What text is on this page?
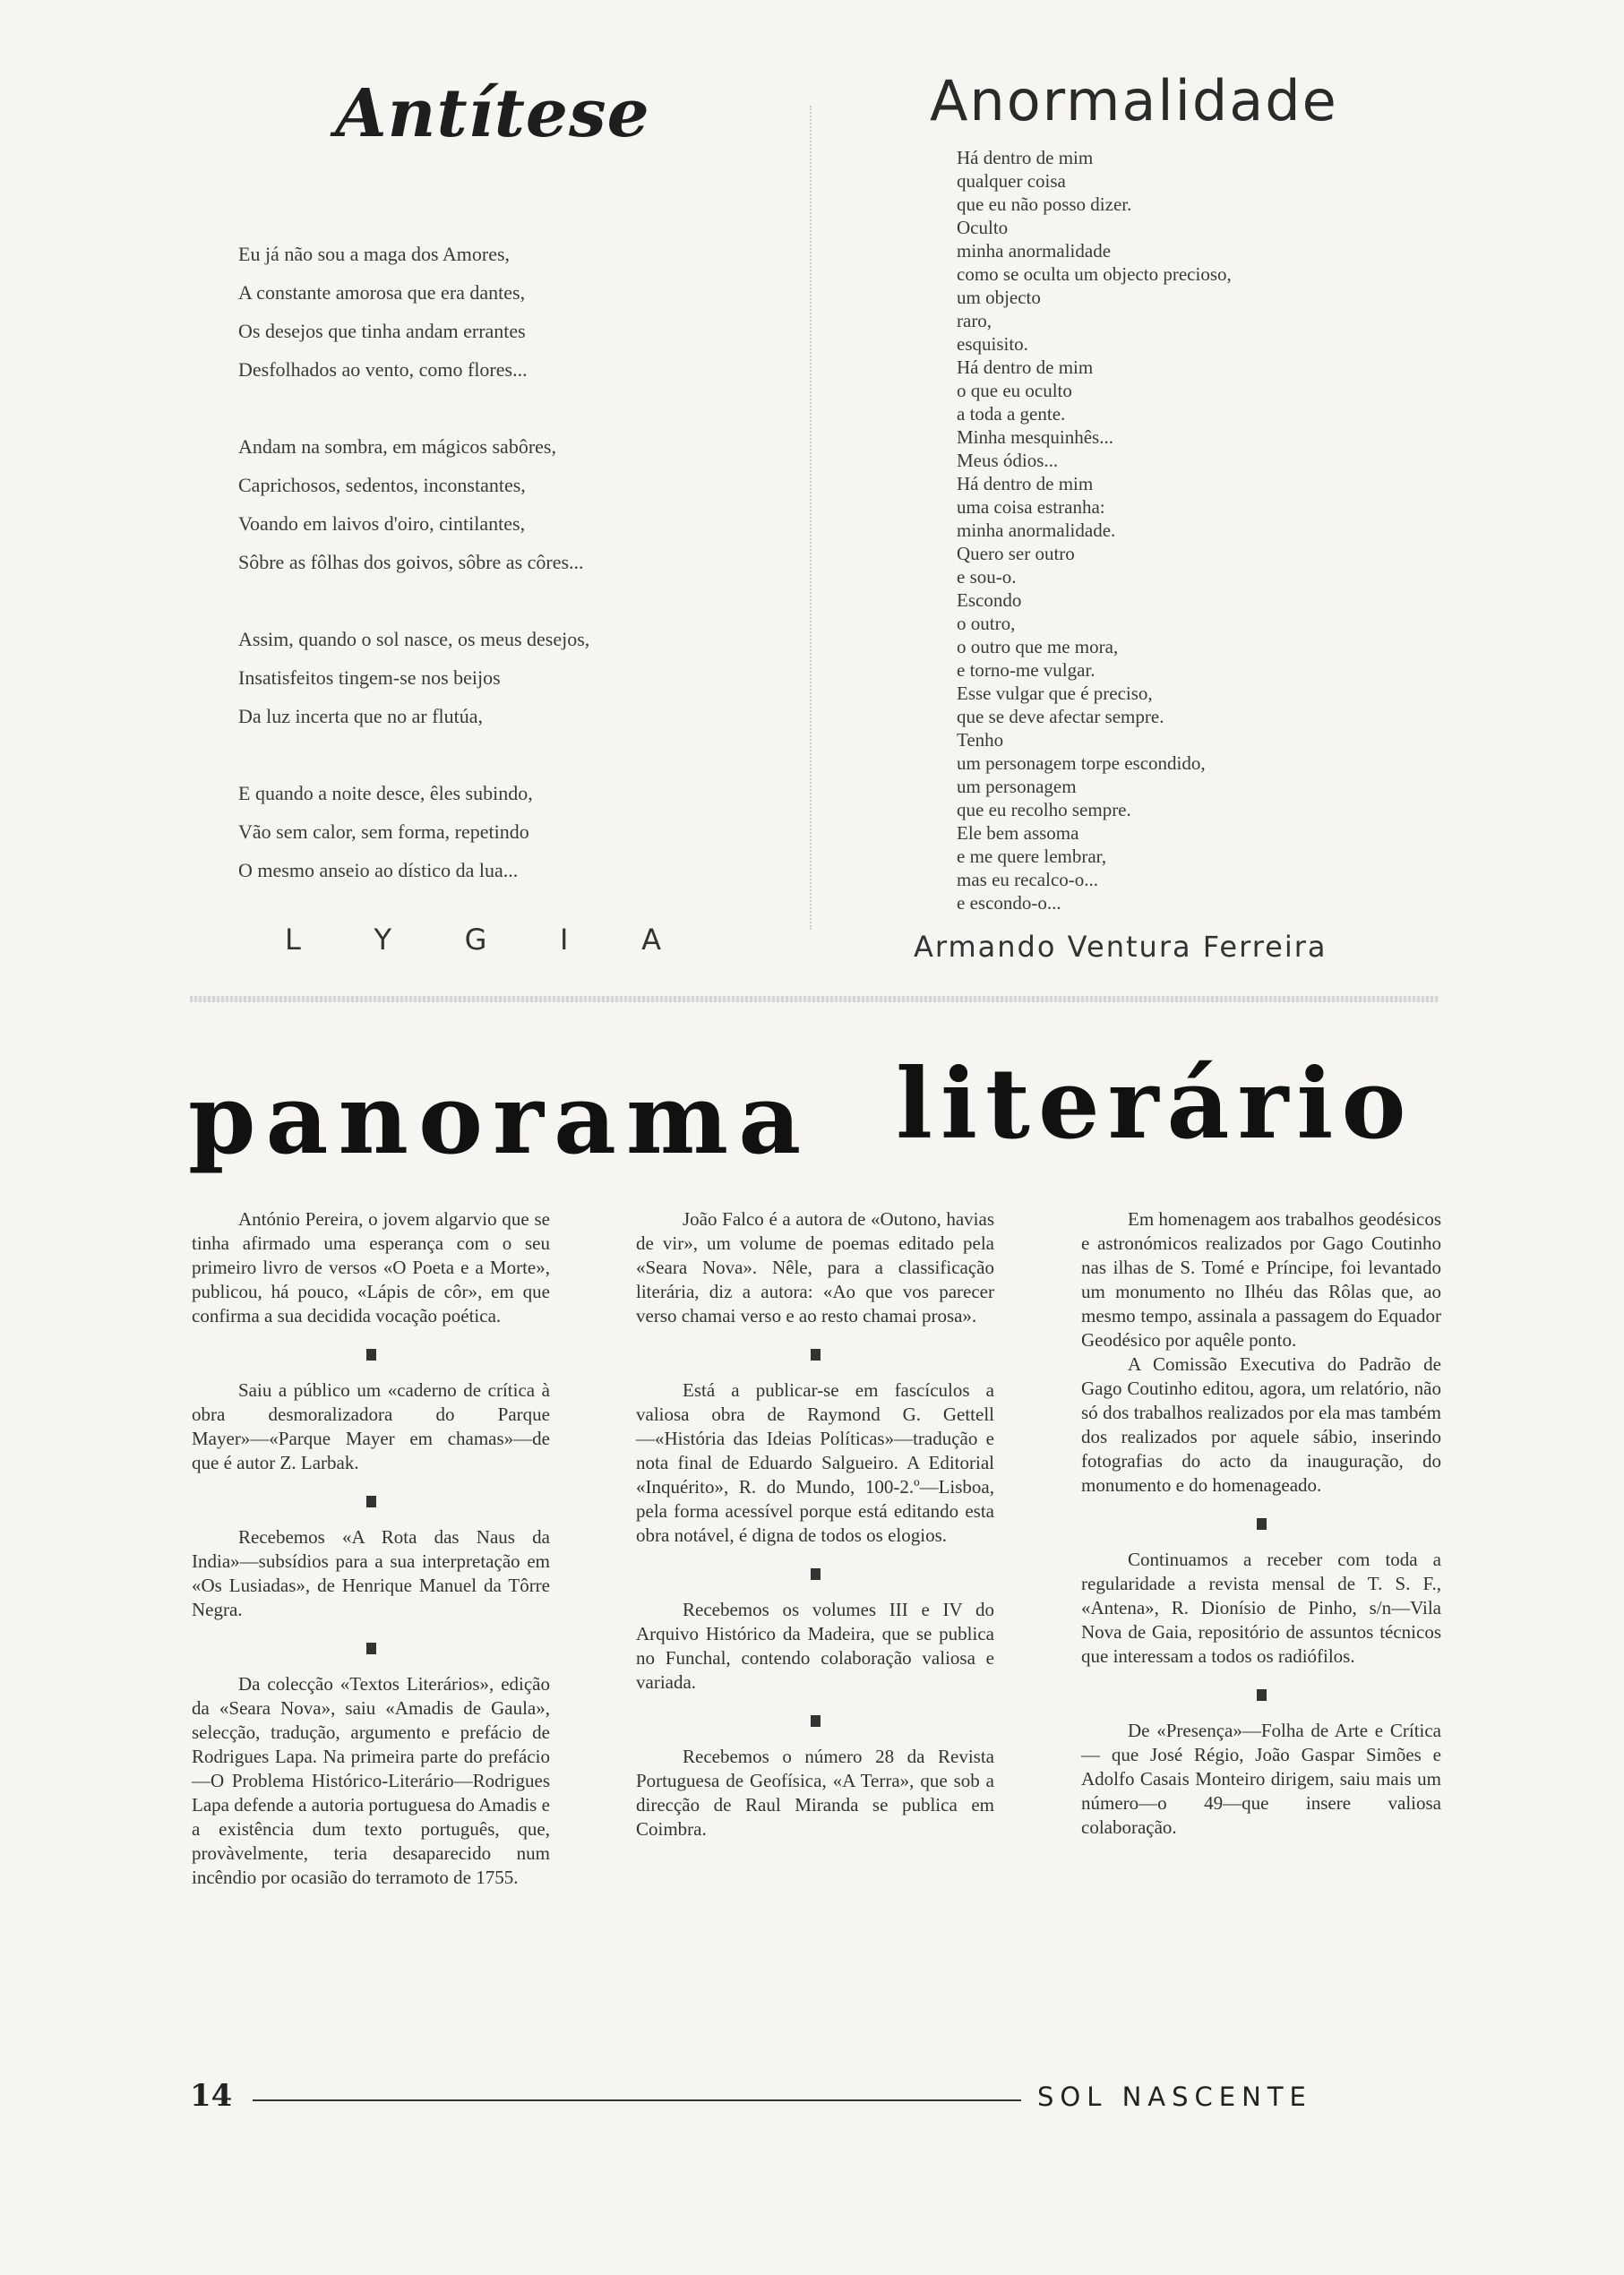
Antítese
Eu já não sou a maga dos Amores,
A constante amorosa que era dantes,
Os desejos que tinha andam errantes
Desfolhados ao vento, como flores...
Andam na sombra, em mágicos sabôres,
Caprichosos, sedentos, inconstantes,
Voando em laivos d'oiro, cintilantes,
Sôbre as fôlhas dos goivos, sôbre as côres...
Assim, quando o sol nasce, os meus desejos,
Insatisfeitos tingem-se nos beijos
Da luz incerta que no ar flutúa,
E quando a noite desce, êles subindo,
Vão sem calor, sem forma, repetindo
O mesmo anseio ao dístico da lua...
L	Y	G	I	A
Anormalidade
Há dentro de mim
qualquer coisa
que eu não posso dizer.
Oculto
minha anormalidade
como se oculta um objecto precioso,
um objecto
raro,
esquisito.
Há dentro de mim
o que eu oculto
a toda a gente.
Minha mesquinhês...
Meus ódios...
Há dentro de mim
uma coisa estranha:
minha anormalidade.
Quero ser outro
e sou-o.
Escondo
o outro,
o outro que me mora,
e torno-me vulgar.
Esse vulgar que é preciso,
que se deve afectar sempre.
Tenho
um personagem torpe escondido,
um personagem
que eu recolho sempre.
Ele bem assoma
e me quere lembrar,
mas eu recalco-o...
e escondo-o...
Armando Ventura Ferreira
panorama literário

António Pereira, o jovem algarvio que se tinha afirmado uma esperança com o seu primeiro livro de versos «O Poeta e a Morte», publicou, há pouco, «Lápis de côr», em que confirma a sua decidida vocação poética.

Saiu a público um «caderno de crítica à obra desmoralizadora do Parque Mayer»—«Parque Mayer em chamas»—de que é autor Z. Larbak.

Recebemos «A Rota das Naus da India»—subsídios para a sua interpretação em «Os Lusiadas», de Henrique Manuel da Tôrre Negra.

Da colecção «Textos Literários», edição da «Seara Nova», saiu «Amadis de Gaula», selecção, tradução, argumento e prefácio de Rodrigues Lapa. Na primeira parte do prefácio—O Problema Histórico-Literário—Rodrigues Lapa defende a autoria portuguesa do Amadis e a existência dum texto português, que, provàvelmente, teria desaparecido num incêndio por ocasião do terramoto de 1755.

João Falco é a autora de «Outono, havias de vir», um volume de poemas editado pela «Seara Nova». Nêle, para a classificação literária, diz a autora: «Ao que vos parecer verso chamai verso e ao resto chamai prosa».

Está a publicar-se em fascículos a valiosa obra de Raymond G. Gettell—«História das Ideias Políticas»—tradução e nota final de Eduardo Salgueiro. A Editorial «Inquérito», R. do Mundo, 100-2.º—Lisboa, pela forma acessível porque está editando esta obra notável, é digna de todos os elogios.

Recebemos os volumes III e IV do Arquivo Histórico da Madeira, que se publica no Funchal, contendo colaboração valiosa e variada.

Recebemos o número 28 da Revista Portuguesa de Geofísica, «A Terra», que sob a direcção de Raul Miranda se publica em Coimbra.

Em homenagem aos trabalhos geodésicos e astronómicos realizados por Gago Coutinho nas ilhas de S. Tomé e Príncipe, foi levantado um monumento no Ilhéu das Rôlas que, ao mesmo tempo, assinala a passagem do Equador Geodésico por aquêle ponto.

A Comissão Executiva do Padrão de Gago Coutinho editou, agora, um relatório, não só dos trabalhos realizados por ela mas também dos realizados por aquele sábio, inserindo fotografias do acto da inauguração, do monumento e do homenageado.

Continuamos a receber com toda a regularidade a revista mensal de T. S. F., «Antena», R. Dionísio de Pinho, s/n—Vila Nova de Gaia, repositório de assuntos técnicos que interessam a todos os radiófilos.

De «Presença»—Folha de Arte e Crítica— que José Régio, João Gaspar Simões e Adolfo Casais Monteiro dirigem, saiu mais um número—o 49—que insere valiosa colaboração.

14	SOL NASCENTE
